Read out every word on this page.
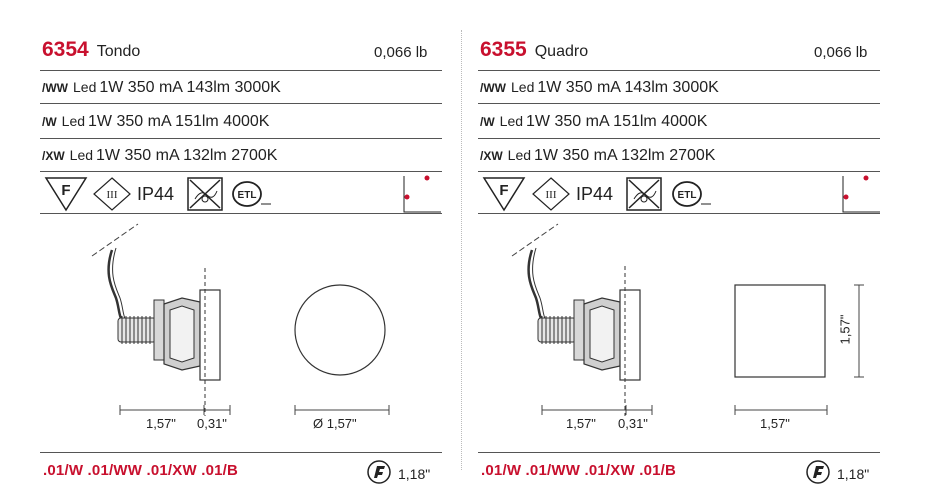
6354 Tondo	0,066 lb
/WW Led 1W 350 mA 143lm 3000K
/W Led 1W 350 mA 151lm 4000K
/XW Led 1W 350 mA 132lm 2700K
F	III IP44	ETL
1,57" 0,31"	Ø 1,57"
.01/W .01/WW .01/XW .01/B	1,18"
6355 Quadro	0,066 lb
/WW Led 1W 350 mA 143lm 3000K
/W Led 1W 350 mA 151lm 4000K
/XW Led 1W 350 mA 132lm 2700K
F	III IP44	ETL
1,57"
1,57" 0,31"	1,57"
.01/W .01/WW .01/XW .01/B	1,18"
